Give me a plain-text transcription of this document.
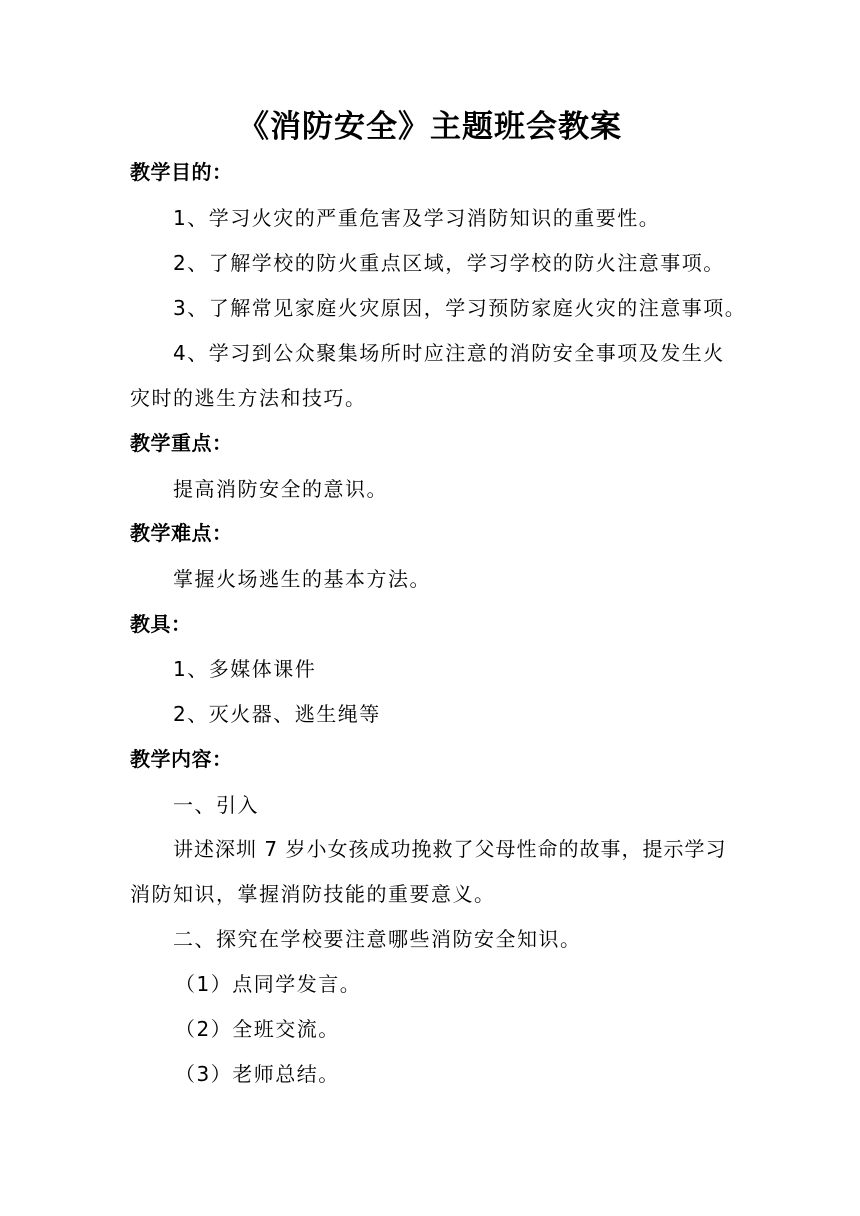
《消防安全》主题班会教案
教学目的：
1、学习火灾的严重危害及学习消防知识的重要性。
2、了解学校的防火重点区域，学习学校的防火注意事项。
3、了解常见家庭火灾原因，学习预防家庭火灾的注意事项。
4、学习到公众聚集场所时应注意的消防安全事项及发生火
灾时的逃生方法和技巧。
教学重点：
提高消防安全的意识。
教学难点：
掌握火场逃生的基本方法。
教具：
1、多媒体课件
2、灭火器、逃生绳等
教学内容：
一、引入
讲述深圳 7 岁小女孩成功挽救了父母性命的故事，提示学习
消防知识，掌握消防技能的重要意义。
二、探究在学校要注意哪些消防安全知识。
（1）点同学发言。
（2）全班交流。
（3）老师总结。
